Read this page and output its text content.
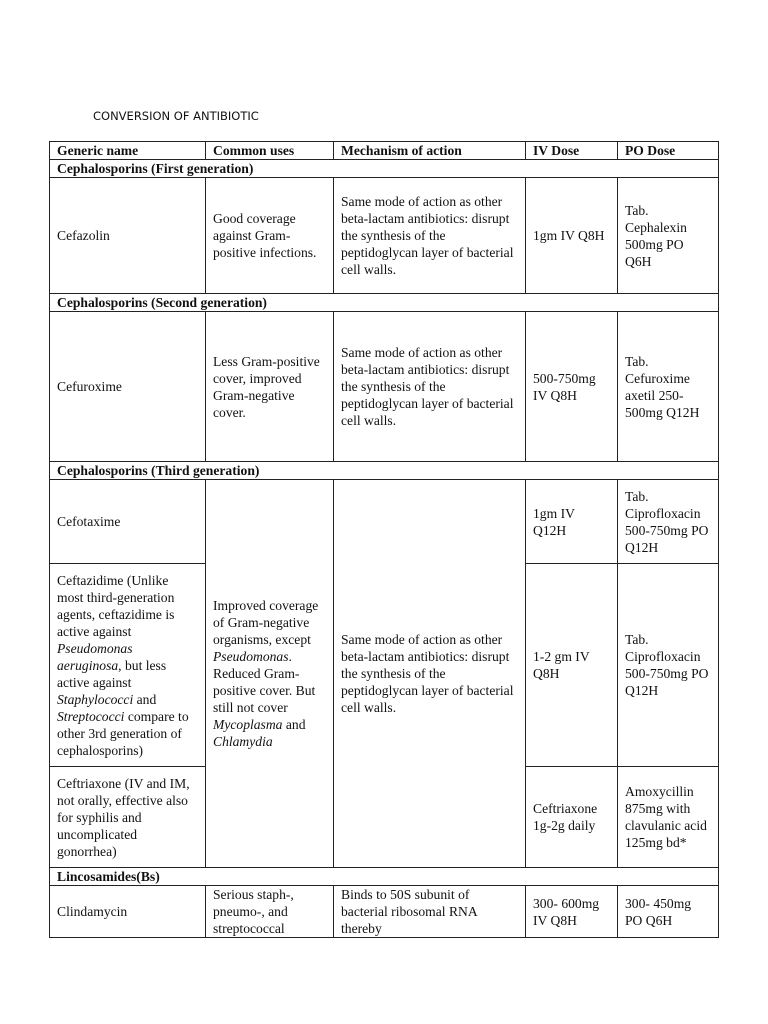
CONVERSION OF ANTIBIOTIC
Generic name	Common uses	Mechanism of action	IV Dose	PO Dose
Cephalosporins (First generation)				
Cefazolin	Good coverage against Gram-positive infections.	Same mode of action as other beta-lactam antibiotics: disrupt the synthesis of the peptidoglycan layer of bacterial cell walls.	1gm IV Q8H	Tab. Cephalexin 500mg PO Q6H
Cephalosporins (Second generation)				
Cefuroxime	Less Gram-positive cover, improved Gram-negative cover.	Same mode of action as other beta-lactam antibiotics: disrupt the synthesis of the peptidoglycan layer of bacterial cell walls.	500-750mg IV Q8H	Tab. Cefuroxime axetil 250-500mg Q12H
Cephalosporins (Third generation)				
Cefotaxime	Improved coverage of Gram-negative organisms, except Pseudomonas. Reduced Gram-positive cover. But still not cover Mycoplasma and Chlamydia	Same mode of action as other beta-lactam antibiotics: disrupt the synthesis of the peptidoglycan layer of bacterial cell walls.	1gm IV Q12H	Tab. Ciprofloxacin 500-750mg PO Q12H
Ceftazidime (Unlike most third-generation agents, ceftazidime is active against Pseudomonas aeruginosa, but less active against Staphylococci and Streptococci compare to other 3rd generation of cephalosporins)			1-2 gm IV Q8H	Tab. Ciprofloxacin 500-750mg PO Q12H
Ceftriaxone (IV and IM, not orally, effective also for syphilis and uncomplicated gonorrhea)			Ceftriaxone 1g-2g daily	Amoxycillin 875mg with clavulanic acid 125mg bd*
Lincosamides(Bs)				
Clindamycin	Serious staph-, pneumo-, and streptococcal	Binds to 50S subunit of bacterial ribosomal RNA thereby	300- 600mg IV Q8H	300- 450mg PO Q6H
